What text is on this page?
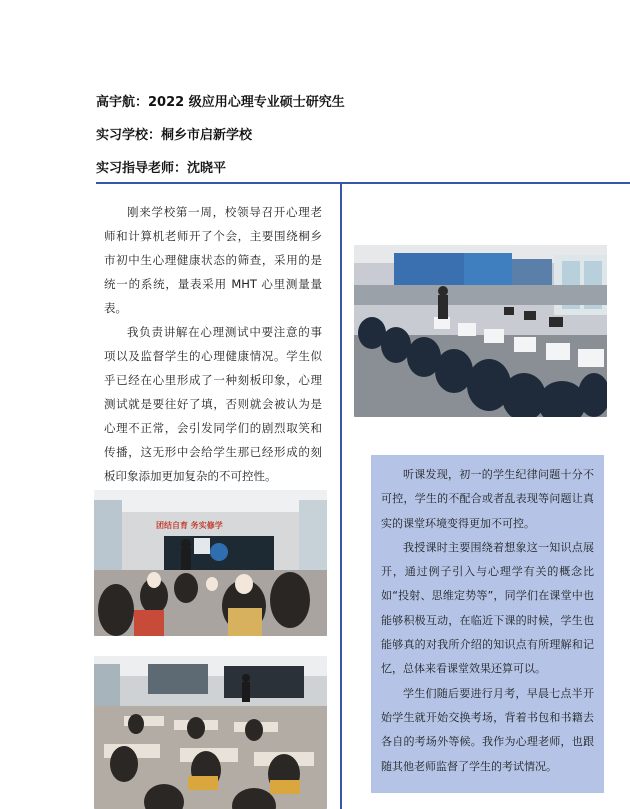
高宇航：2022 级应用心理专业硕士研究生
实习学校：桐乡市启新学校
实习指导老师：沈晓平

刚来学校第一周，校领导召开心理老师和计算机老师开了个会，主要围绕桐乡市初中生心理健康状态的筛查，采用的是统一的系统，量表采用 MHT 心里测量量表。

我负责讲解在心理测试中要注意的事项以及监督学生的心理健康情况。学生似乎已经在心里形成了一种刻板印象，心理测试就是要往好了填，否则就会被认为是心理不正常，会引发同学们的剧烈取笑和传播，这无形中会给学生那已经形成的刻板印象添加更加复杂的不可控性。

团结自育 务实修学

听课发现，初一的学生纪律问题十分不可控，学生的不配合或者乱表现等问题让真实的课堂环境变得更加不可控。

我授课时主要围绕着想象这一知识点展开，通过例子引入与心理学有关的概念比如“投射、思维定势等”，同学们在课堂中也能够积极互动，在临近下课的时候，学生也能够真的对我所介绍的知识点有所理解和记忆，总体来看课堂效果还算可以。

学生们随后要进行月考，早晨七点半开始学生就开始交换考场，背着书包和书籍去各自的考场外等候。我作为心理老师，也跟随其他老师监督了学生的考试情况。
